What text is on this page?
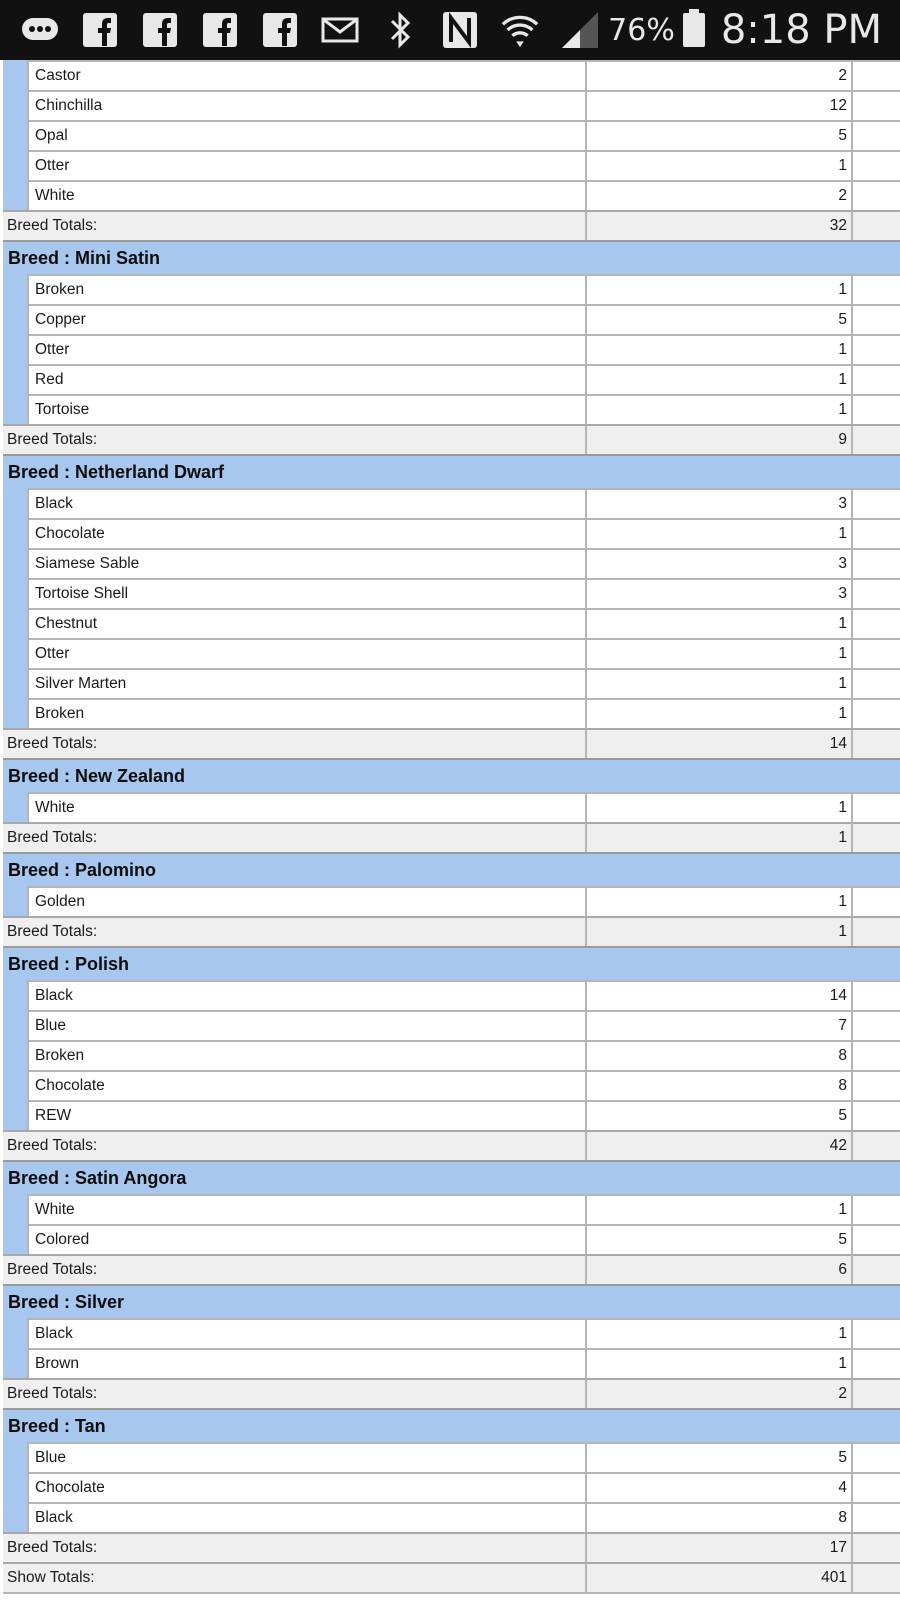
76% 8:18 PM
Castor	2
Chinchilla	12
Opal	5
Otter	1
White	2
Breed Totals:	32
Breed : Mini Satin
Broken	1
Copper	5
Otter	1
Red	1
Tortoise	1
Breed Totals:	9
Breed : Netherland Dwarf
Black	3
Chocolate	1
Siamese Sable	3
Tortoise Shell	3
Chestnut	1
Otter	1
Silver Marten	1
Broken	1
Breed Totals:	14
Breed : New Zealand
White	1
Breed Totals:	1
Breed : Palomino
Golden	1
Breed Totals:	1
Breed : Polish
Black	14
Blue	7
Broken	8
Chocolate	8
REW	5
Breed Totals:	42
Breed : Satin Angora
White	1
Colored	5
Breed Totals:	6
Breed : Silver
Black	1
Brown	1
Breed Totals:	2
Breed : Tan
Blue	5
Chocolate	4
Black	8
Breed Totals:	17
Show Totals:	401
